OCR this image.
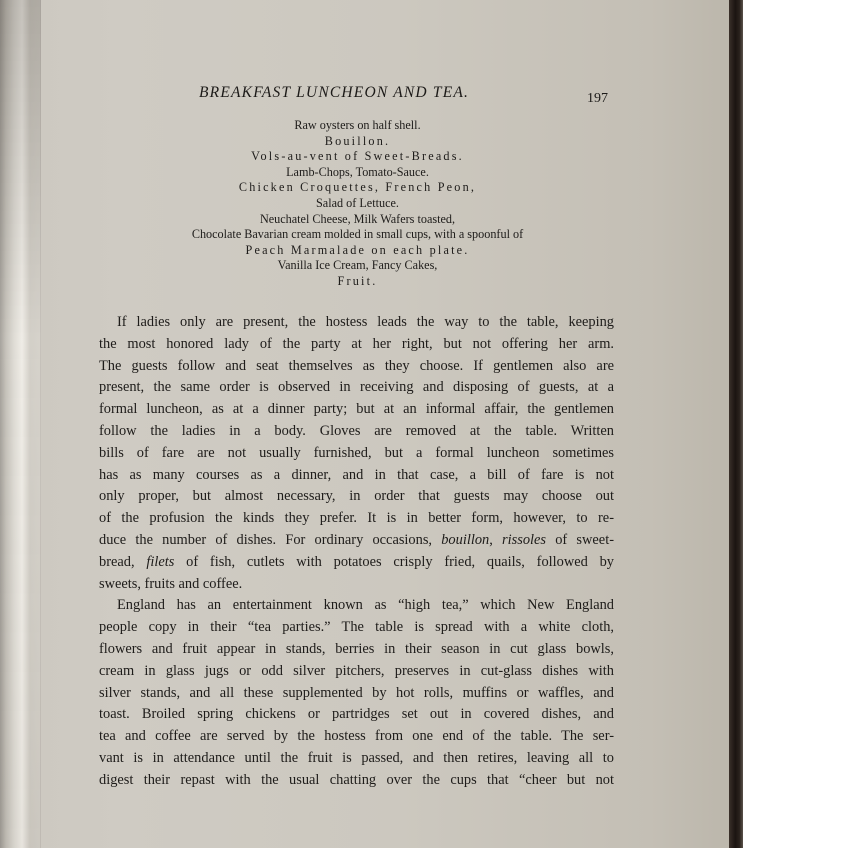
BREAKFAST LUNCHEON AND TEA.	197
Raw oysters on half shell.
Bouillon.
Vols-au-vent of Sweet-Breads.
Lamb-Chops, Tomato-Sauce.
Chicken Croquettes, French Peon,
Salad of Lettuce.
Neuchatel Cheese, Milk Wafers toasted,
Chocolate Bavarian cream molded in small cups, with a spoonful of
Peach Marmalade on each plate.
Vanilla Ice Cream, Fancy Cakes,
Fruit.
If ladies only are present, the hostess leads the way to the table, keeping
the most honored lady of the party at her right, but not offering her arm.
The guests follow and seat themselves as they choose. If gentlemen also are
present, the same order is observed in receiving and disposing of guests, at a
formal luncheon, as at a dinner party; but at an informal affair, the gentlemen
follow the ladies in a body. Gloves are removed at the table. Written
bills of fare are not usually furnished, but a formal luncheon sometimes
has as many courses as a dinner, and in that case, a bill of fare is not
only proper, but almost necessary, in order that guests may choose out
of the profusion the kinds they prefer. It is in better form, however, to re-
duce the number of dishes. For ordinary occasions, bouillon, rissoles of sweet-
bread, filets of fish, cutlets with potatoes crisply fried, quails, followed by
sweets, fruits and coffee.
England has an entertainment known as “high tea,” which New England
people copy in their “tea parties.” The table is spread with a white cloth,
flowers and fruit appear in stands, berries in their season in cut glass bowls,
cream in glass jugs or odd silver pitchers, preserves in cut-glass dishes with
silver stands, and all these supplemented by hot rolls, muffins or waffles, and
toast. Broiled spring chickens or partridges set out in covered dishes, and
tea and coffee are served by the hostess from one end of the table. The ser-
vant is in attendance until the fruit is passed, and then retires, leaving all to
digest their repast with the usual chatting over the cups that “cheer but not
